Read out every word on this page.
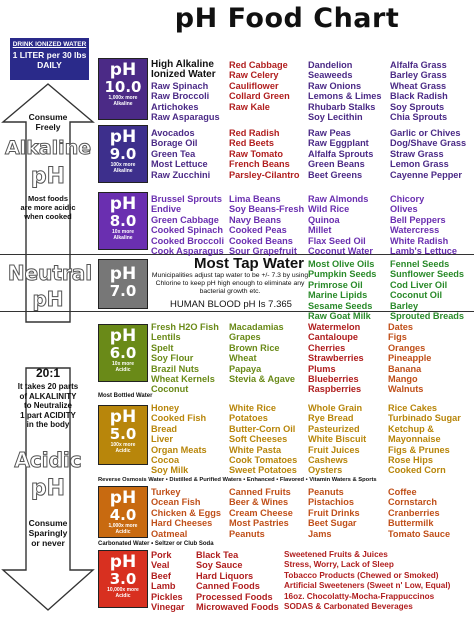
pH Food Chart
DRINK IONIZED WATER
1 LITER per 30 lbs
DAILY
Consume
Freely
Alkaline
pH
Most foods
are more acidic
when cooked
Neutral
pH
20:1
It takes 20 parts
of ALKALINITY
to Neutralize
1 part ACIDITY
in the body
Acidic
pH
Consume
Sparingly
or never
pH
10.0
1,000x more
Alkaline
High Alkaline
Ionized Water
Raw Spinach
Raw Broccoli
Artichokes
Raw Asparagus
Red Cabbage
Raw Celery
Cauliflower
Collard Green
Raw Kale
Dandelion
Seaweeds
Raw Onions
Lemons & Limes
Rhubarb Stalks
Soy Lecithin
Alfalfa Grass
Barley Grass
Wheat Grass
Black Radish
Soy Sprouts
Chia Sprouts
pH
9.0
100x more
Alkaline
Avocados
Borage Oil
Green Tea
Most Lettuce
Raw Zucchini
Red Radish
Red Beets
Raw Tomato
French Beans
Parsley-Cilantro
Raw Peas
Raw Eggplant
Alfalfa Sprouts
Green Beans
Beet Greens
Garlic or Chives
Dog/Shave Grass
Straw Grass
Lemon Grass
Cayenne Pepper
pH
8.0
10x more
Alkaline
Brussel Sprouts
Endive
Green Cabbage
Cooked Spinach
Cooked Broccoli
Cook Asparagus
Lima Beans
Soy Beans-Fresh
Navy Beans
Cooked Peas
Cooked Beans
Sour Grapefruit
Raw Almonds
Wild Rice
Quinoa
Millet
Flax Seed Oil
Coconut Water
Chicory
Olives
Bell Peppers
Watercress
White Radish
Lamb's Lettuce
pH
7.0
Most Tap Water
Municipalities adjust tap water to be +/- 7.3 by using Chlorine to keep pH high enough to eliminate any bacterial growth etc.
HUMAN BLOOD pH Is 7.365
Most Olive Oils
Pumpkin Seeds
Primrose Oil
Marine Lipids
Sesame Seeds
Raw Goat Milk
Fennel Seeds
Sunflower Seeds
Cod Liver Oil
Coconut Oil
Barley
Sprouted Breads
pH
6.0
10x more
Acidic
Fresh H2O Fish
Lentils
Spelt
Soy Flour
Brazil Nuts
Wheat Kernels
Coconut
Macadamias
Grapes
Brown Rice
Wheat
Papaya
Stevia & Agave
Watermelon
Cantaloupe
Cherries
Strawberries
Plums
Blueberries
Raspberries
Dates
Figs
Oranges
Pineapple
Banana
Mango
Walnuts
Most Bottled Water
pH
5.0
100x more
Acidic
Honey
Cooked Fish
Bread
Liver
Organ Meats
Cocoa
Soy Milk
White Rice
Potatoes
Butter-Corn Oil
Soft Cheeses
White Pasta
Cook Tomatoes
Sweet Potatoes
Whole Grain
Rye Bread
Pasteurized
White Biscuit
Fruit Juices
Cashews
Oysters
Rice Cakes
Turbinado Sugar
Ketchup &
Mayonnaise
Figs & Prunes
Rose Hips
Cooked Corn
Reverse Osmosis Water • Distilled & Purified Waters • Enhanced • Flavored • Vitamin Waters & Sports
pH
4.0
1,000x more
Acidic
Turkey
Ocean Fish
Chicken & Eggs
Hard Cheeses
Oatmeal
Canned Fruits
Beer & Wines
Cream Cheese
Most Pastries
Peanuts
Peanuts
Pistachios
Fruit Drinks
Beet Sugar
Jams
Coffee
Cornstarch
Cranberries
Buttermilk
Tomato Sauce
Carbonated Water • Seltzer or Club Soda
pH
3.0
10,000x more
Acidic
Pork
Veal
Beef
Lamb
Pickles
Vinegar
Black Tea
Soy Sauce
Hard Liquors
Canned Foods
Processed Foods
Microwaved Foods
Sweetened Fruits & Juices
Stress, Worry, Lack of Sleep
Tobacco Products (Chewed or Smoked)
Artificial Sweeteners (Sweet n' Low, Equal)
16oz. Chocolatty-Mocha-Frappuccinos
SODAS & Carbonated Beverages
